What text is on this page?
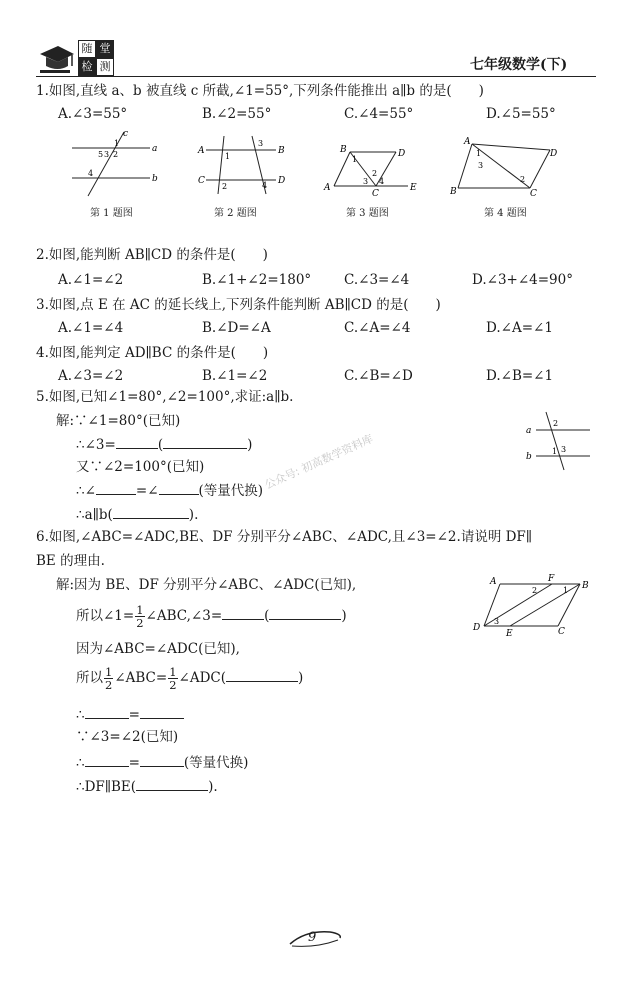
随 堂
检 测	七年级数学(下)
1.如图,直线 a、b 被直线 c 所截,∠1=55°,下列条件能推出 a∥b 的是(　　)
A.∠3=55°	B.∠2=55°	C.∠4=55°	D.∠5=55°
c
a
b
1
5 3 2
4
A	B
C	D
1
3
2	4
B	D
A
C
E
1
3
2
4
A
D
B	C
1
3
2
第 1 题图	第 2 题图	第 3 题图	第 4 题图
2.如图,能判断 AB∥CD 的条件是(　　)
A.∠1=∠2	B.∠1+∠2=180° C.∠3=∠4	D.∠3+∠4=90°
3.如图,点 E 在 AC 的延长线上,下列条件能判断 AB∥CD 的是(　　)
A.∠1=∠4	B.∠D=∠A	C.∠A=∠4	D.∠A=∠1
4.如图,能判定 AD∥BC 的条件是(　　)
A.∠3=∠2	B.∠1=∠2	C.∠B=∠D	D.∠B=∠1
5.如图,已知∠1=80°,∠2=100°,求证:a∥b.
解:∵∠1=80°(已知)
∴∠3=	(	)
又∵∠2=100°(已知)
∴∠	=∠	(等量代换)
∴a∥b(	).
a
b
2
1 3
公众号: 初高数学资料库
6.如图,∠ABC=∠ADC,BE、DF 分别平分∠ABC、∠ADC,且∠3=∠2.请说明 DF∥
BE 的理由.
解:因为 BE、DF 分别平分∠ABC、∠ADC(已知),
所以∠1= $\frac{1}{2}$ ∠ABC,∠3=	(	)
因为∠ABC=∠ADC(已知),
所以 $\frac{1}{2}$ ∠ABC= $\frac{1}{2}$ ∠ADC(	)
∴	=
∵∠3=∠2(已知)
∴	=	(等量代换)
∴DF∥BE(	).
A	F
B
D
E	C
1
2
3
9
